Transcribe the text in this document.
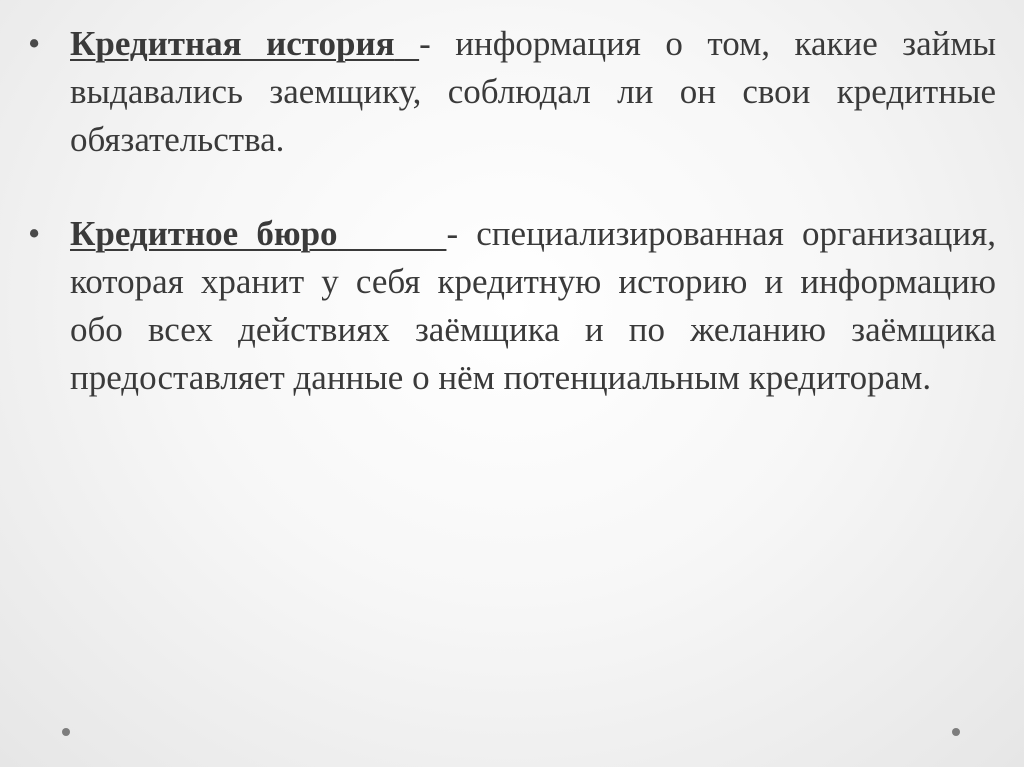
• Кредитная история - информация о том, какие займы выдавались заемщику, соблюдал ли он свои кредитные обязательства.
• Кредитное бюро	- специализированная организация, которая хранит у себя кредитную историю и информацию обо всех действиях заёмщика и по желанию заёмщика предоставляет данные о нём потенциальным кредиторам.
